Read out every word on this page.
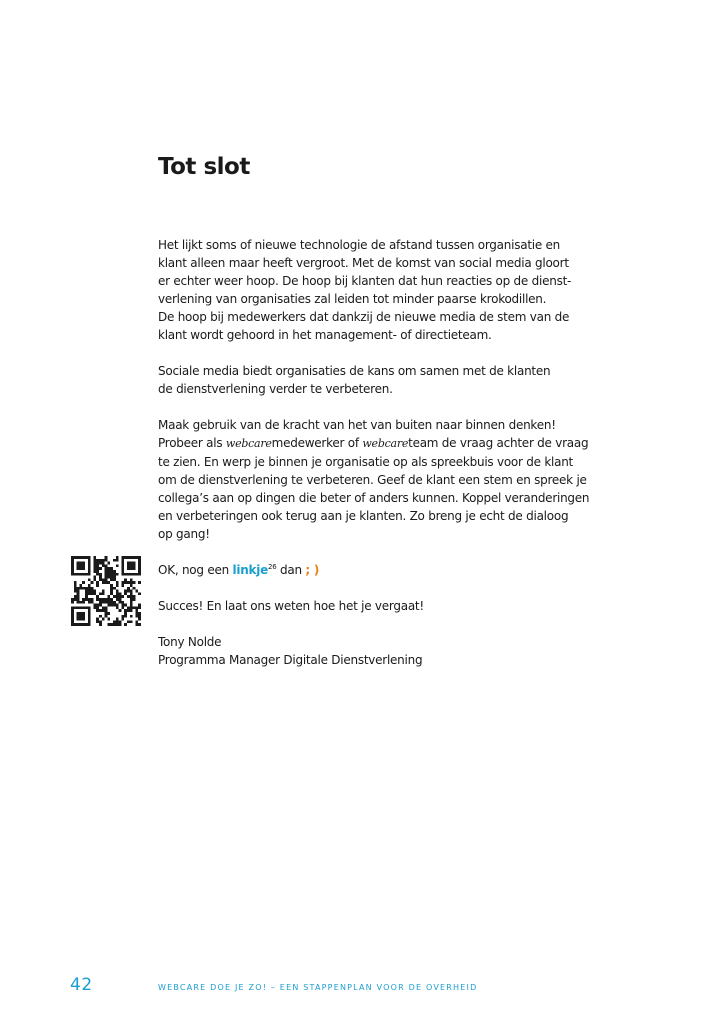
Tot slot

Het lijkt soms of nieuwe technologie de afstand tussen organisatie en
klant alleen maar heeft vergroot. Met de komst van social media gloort
er echter weer hoop. De hoop bij klanten dat hun reacties op de dienst-
verlening van organisaties zal leiden tot minder paarse krokodillen.
De hoop bij medewerkers dat dankzij de nieuwe media de stem van de
klant wordt gehoord in het management- of directieteam.

Sociale media biedt organisaties de kans om samen met de klanten
de dienstverlening verder te verbeteren.

Maak gebruik van de kracht van het van buiten naar binnen denken!
Probeer als webcaremedewerker of webcareteam de vraag achter de vraag
te zien. En werp je binnen je organisatie op als spreekbuis voor de klant
om de dienstverlening te verbeteren. Geef de klant een stem en spreek je
collega’s aan op dingen die beter of anders kunnen. Koppel veranderingen
en verbeteringen ook terug aan je klanten. Zo breng je echt de dialoog
op gang!

OK, nog een linkje$^{26}$ dan ; )

Succes! En laat ons weten hoe het je vergaat!

Tony Nolde
Programma Manager Digitale Dienstverlening

42	WEBCARE DOE JE ZO! – EEN STAPPENPLAN VOOR DE OVERHEID
